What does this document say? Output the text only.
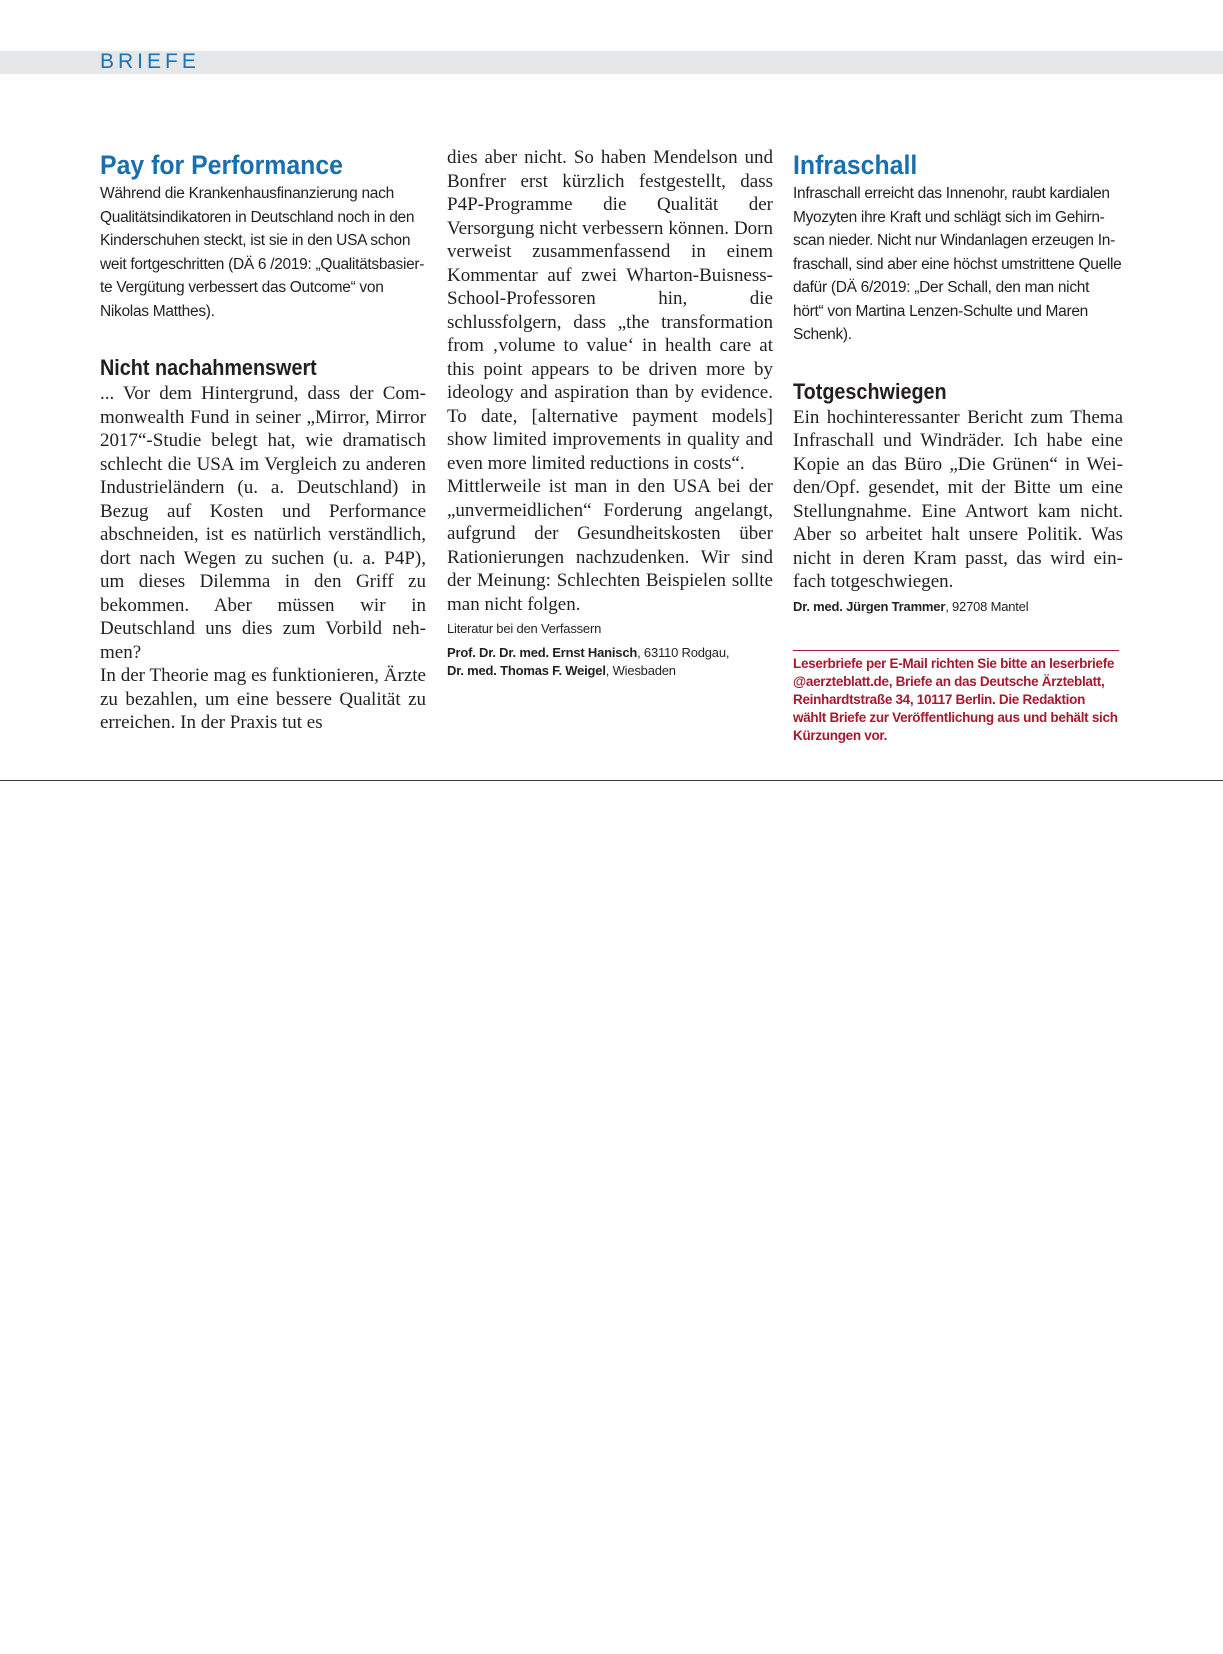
BRIEFE
Pay for Performance

Während die Krankenhausfinanzierung nach Qualitätsindikatoren in Deutschland noch in den Kinderschuhen steckt, ist sie in den USA schon weit fortgeschritten (DÄ 6 /2019: „Qualitätsbasierte Vergütung verbessert das Outcome“ von Nikolas Matthes).

Nicht nachahmenswert

... Vor dem Hintergrund, dass der Commonwealth Fund in seiner „Mirror, Mirror 2017“-Studie belegt hat, wie dramatisch schlecht die USA im Vergleich zu anderen Industrieländern (u. a. Deutschland) in Bezug auf Kosten und Performance abschneiden, ist es natürlich verständlich, dort nach Wegen zu suchen (u. a. P4P), um dieses Dilemma in den Griff zu bekommen. Aber müssen wir in Deutschland uns dies zum Vorbild nehmen?

In der Theorie mag es funktionieren, Ärzte zu bezahlen, um eine bessere Qualität zu erreichen. In der Praxis tut es

dies aber nicht. So haben Mendelson und Bonfrer erst kürzlich festgestellt, dass P4P-Programme die Qualität der Versorgung nicht verbessern können. Dorn verweist zusammenfassend in einem Kommentar auf zwei Wharton-Buisness-School-Professoren hin, die schlussfolgern, dass „the transformation from ‚volume to value‘ in health care at this point appears to be driven more by ideology and aspiration than by evidence. To date, [alternative payment models] show limited improvements in quality and even more limited reductions in costs“.

Mittlerweile ist man in den USA bei der „unvermeidlichen“ Forderung angelangt, aufgrund der Gesundheitskosten über Rationierungen nachzudenken. Wir sind der Meinung: Schlechten Beispielen sollte man nicht folgen.

Literatur bei den Verfassern

Prof. Dr. Dr. med. Ernst Hanisch, 63110 Rodgau,
Dr. med. Thomas F. Weigel, Wiesbaden

Infraschall

Infraschall erreicht das Innenohr, raubt kardialen Myozyten ihre Kraft und schlägt sich im Gehirnscan nieder. Nicht nur Windanlagen erzeugen Infraschall, sind aber eine höchst umstrittene Quelle dafür (DÄ 6/2019: „Der Schall, den man nicht hört“ von Martina Lenzen-Schulte und Maren Schenk).

Totgeschwiegen

Ein hochinteressanter Bericht zum Thema Infraschall und Windräder. Ich habe eine Kopie an das Büro „Die Grünen“ in Weiden/Opf. gesendet, mit der Bitte um eine Stellungnahme. Eine Antwort kam nicht. Aber so arbeitet halt unsere Politik. Was nicht in deren Kram passt, das wird einfach totgeschwiegen.

Dr. med. Jürgen Trammer, 92708 Mantel

Leserbriefe per E-Mail richten Sie bitte an leserbriefe @aerzteblatt.de, Briefe an das Deutsche Ärzteblatt, Reinhardtstraße 34, 10117 Berlin. Die Redaktion wählt Briefe zur Veröffentlichung aus und behält sich Kürzungen vor.
